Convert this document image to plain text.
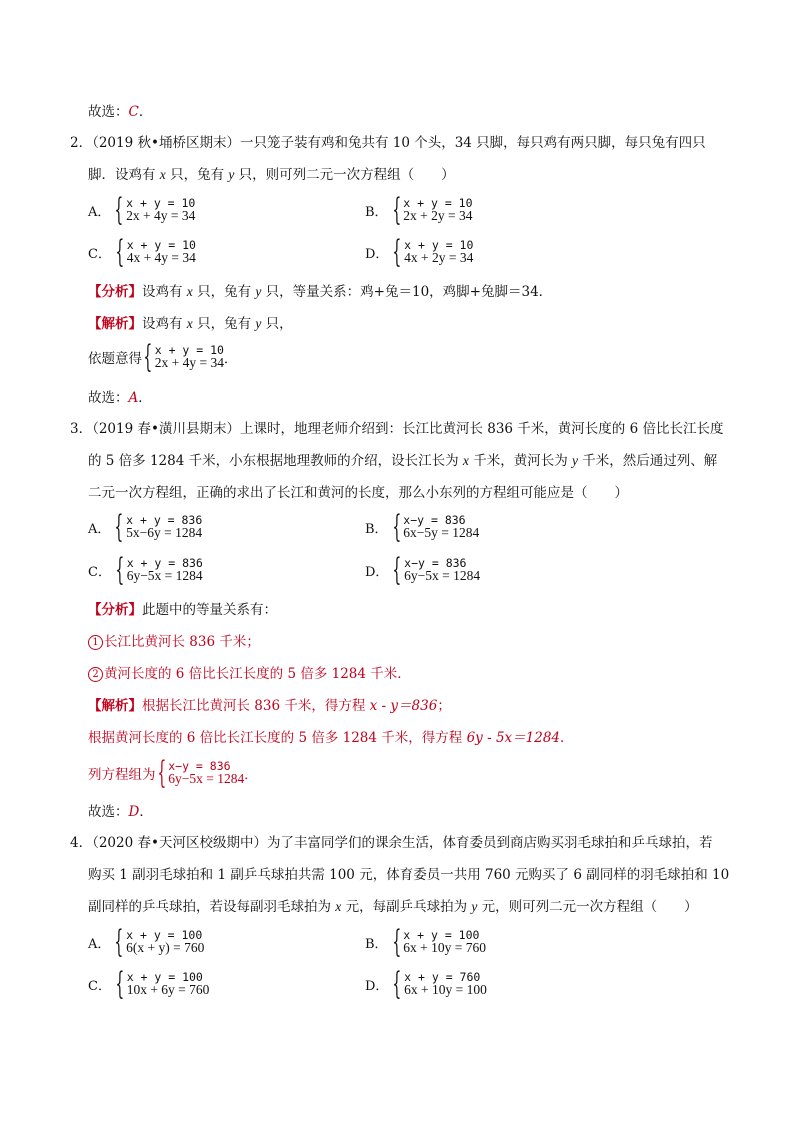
故选：C．
2．（2019 秋•埇桥区期末）一只笼子装有鸡和兔共有 10 个头，34 只脚，每只鸡有两只脚，每只兔有四只
脚．设鸡有 x 只，兔有 y 只，则可列二元一次方程组（　　）
A． { x + y = 10
2x + 4y = 34	B． { x + y = 10
2x + 2y = 34
C． { x + y = 10
4x + 4y = 34	D． { x + y = 10
4x + 2y = 34
【分析】设鸡有 x 只，兔有 y 只，等量关系：鸡+兔＝10，鸡脚+兔脚＝34．
【解析】设鸡有 x 只，兔有 y 只，
依题意得 { x + y = 10
2x + 4y = 34 ．
故选：A．
3．（2019 春•潢川县期末）上课时，地理老师介绍到：长江比黄河长 836 千米，黄河长度的 6 倍比长江长度
的 5 倍多 1284 千米，小东根据地理教师的介绍，设长江长为 x 千米，黄河长为 y 千米，然后通过列、解
二元一次方程组，正确的求出了长江和黄河的长度，那么小东列的方程组可能应是（　　）
A． { x + y = 836
5x−6y = 1284	B． { x−y = 836
6x−5y = 1284
C． { x + y = 836
6y−5x = 1284	D． { x−y = 836
6y−5x = 1284
【分析】此题中的等量关系有：
1 长江比黄河长 836 千米；
2 黄河长度的 6 倍比长江长度的 5 倍多 1284 千米．
【解析】根据长江比黄河长 836 千米，得方程 x - y＝836；
根据黄河长度的 6 倍比长江长度的 5 倍多 1284 千米，得方程 6y - 5x＝1284．
列方程组为 { x−y = 836
6y−5x = 1284 ．
故选：D．
4．（2020 春•天河区校级期中）为了丰富同学们的课余生活，体育委员到商店购买羽毛球拍和乒乓球拍，若
购买 1 副羽毛球拍和 1 副乒乓球拍共需 100 元，体育委员一共用 760 元购买了 6 副同样的羽毛球拍和 10
副同样的乒乓球拍，若设每副羽毛球拍为 x 元，每副乒乓球拍为 y 元，则可列二元一次方程组（　　）
A． { x + y = 100
6(x + y) = 760	B． { x + y = 100
6x + 10y = 760
C． { x + y = 100
10x + 6y = 760	D． { x + y = 760
6x + 10y = 100
